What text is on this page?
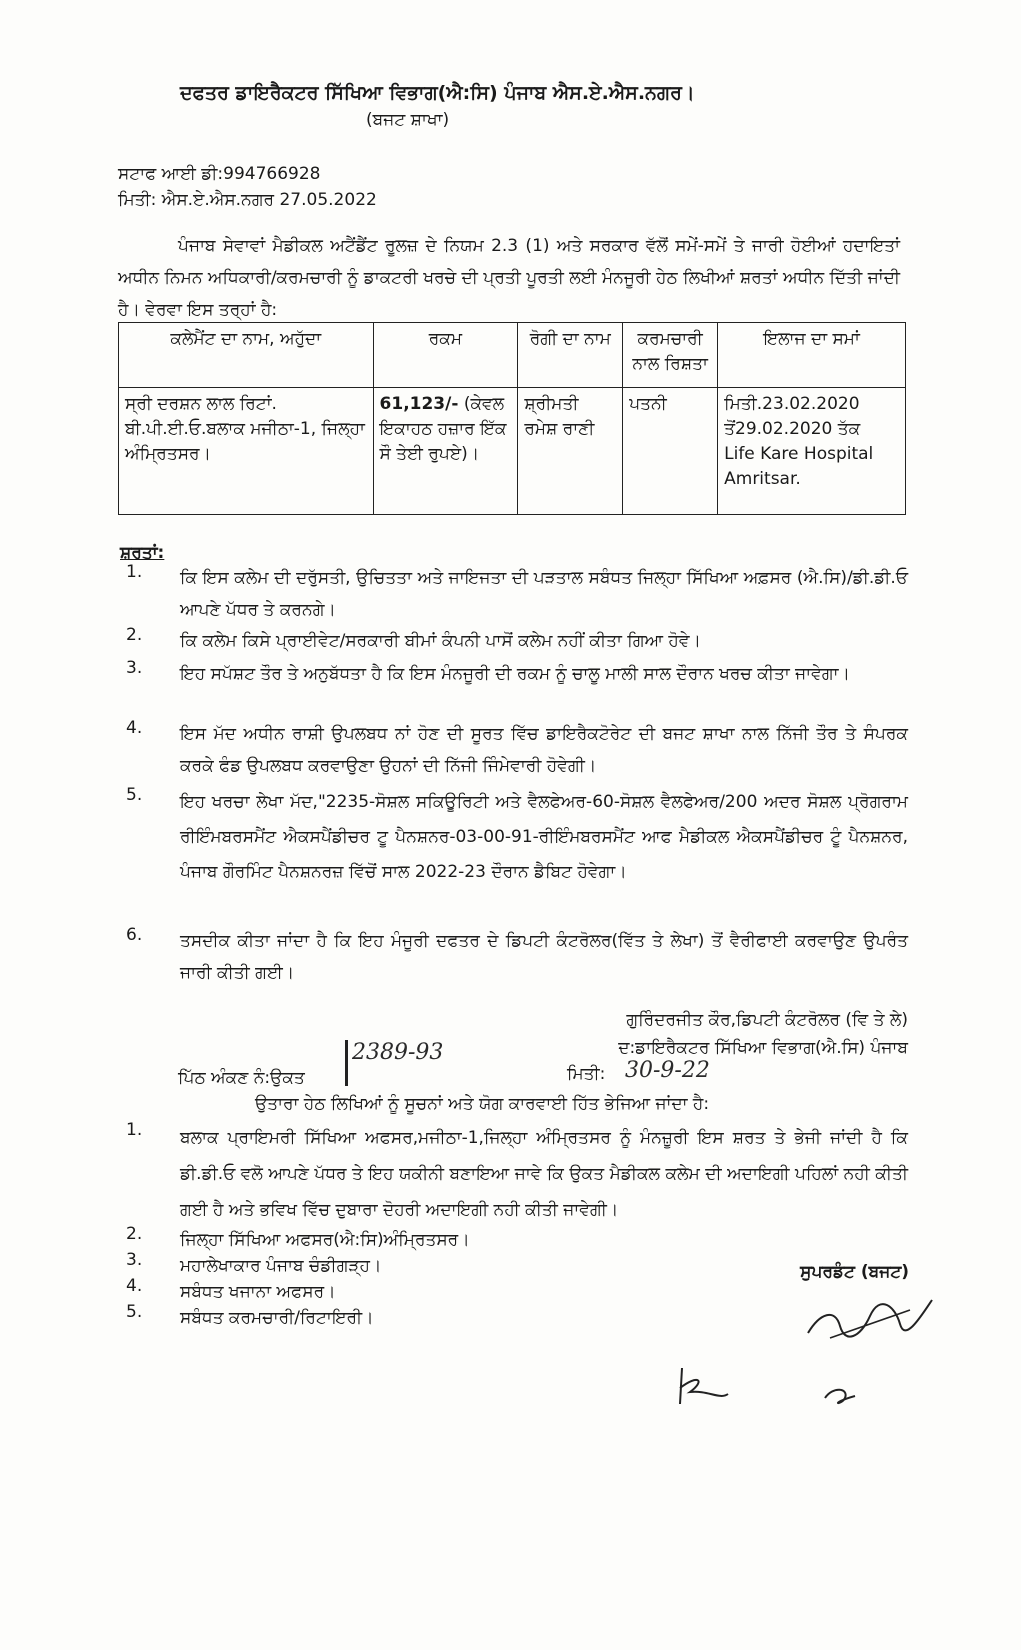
ਦਫਤਰ ਡਾਇਰੈਕਟਰ ਸਿੱਖਿਆ ਵਿਭਾਗ(ਐ:ਸਿ) ਪੰਜਾਬ ਐਸ.ਏ.ਐਸ.ਨਗਰ।
(ਬਜਟ ਸ਼ਾਖਾ)
ਸਟਾਫ ਆਈ ਡੀ:994766928
ਮਿਤੀ: ਐਸ.ਏ.ਐਸ.ਨਗਰ 27.05.2022
ਪੰਜਾਬ ਸੇਵਾਵਾਂ ਮੈਡੀਕਲ ਅਟੈਂਡੈਂਟ ਰੂਲਜ਼ ਦੇ ਨਿਯਮ 2.3 (1) ਅਤੇ ਸਰਕਾਰ ਵੱਲੋਂ ਸਮੇਂ-ਸਮੇਂ ਤੇ ਜਾਰੀ ਹੋਈਆਂ ਹਦਾਇਤਾਂ ਅਧੀਨ ਨਿਮਨ ਅਧਿਕਾਰੀ/ਕਰਮਚਾਰੀ ਨੂੰ ਡਾਕਟਰੀ ਖਰਚੇ ਦੀ ਪ੍ਰਤੀ ਪੂਰਤੀ ਲਈ ਮੰਨਜੂਰੀ ਹੇਠ ਲਿਖੀਆਂ ਸ਼ਰਤਾਂ ਅਧੀਨ ਦਿੱਤੀ ਜਾਂਦੀ ਹੈ। ਵੇਰਵਾ ਇਸ ਤਰ੍ਹਾਂ ਹੈ:
ਕਲੇਮੈਂਟ ਦਾ ਨਾਮ, ਅਹੁੱਦਾ	ਰਕਮ	ਰੋਗੀ ਦਾ ਨਾਮ	ਕਰਮਚਾਰੀ ਨਾਲ ਰਿਸ਼ਤਾ	ਇਲਾਜ ਦਾ ਸਮਾਂ
ਸ੍ਰੀ ਦਰਸ਼ਨ ਲਾਲ ਰਿਟਾਂ. ਬੀ.ਪੀ.ਈ.ਓ.ਬਲਾਕ ਮਜੀਠਾ-1, ਜਿਲ੍ਹਾ ਅੰਮ੍ਰਿਤਸਰ।	61,123/- (ਕੇਵਲ ਇਕਾਹਠ ਹਜ਼ਾਰ ਇੱਕ ਸੌ ਤੇਈ ਰੁਪਏ)।	ਸ਼੍ਰੀਮਤੀ ਰਮੇਸ਼ ਰਾਣੀ	ਪਤਨੀ	ਮਿਤੀ.23.02.2020 ਤੋਂ29.02.2020 ਤੱਕ
Life Kare Hospital Amritsar.
ਸ਼ਰਤਾਂ:
1. ਕਿ ਇਸ ਕਲੇਮ ਦੀ ਦਰੁੱਸਤੀ, ਉਚਿਤਤਾ ਅਤੇ ਜਾਇਜਤਾ ਦੀ ਪੜਤਾਲ ਸਬੰਧਤ ਜਿਲ੍ਹਾ ਸਿੱਖਿਆ ਅਫ਼ਸਰ (ਐ.ਸਿ)/ਡੀ.ਡੀ.ਓ ਆਪਣੇ ਪੱਧਰ ਤੇ ਕਰਨਗੇ।
2. ਕਿ ਕਲੇਮ ਕਿਸੇ ਪ੍ਰਾਈਵੇਟ/ਸਰਕਾਰੀ ਬੀਮਾਂ ਕੰਪਨੀ ਪਾਸੋਂ ਕਲੇਮ ਨਹੀਂ ਕੀਤਾ ਗਿਆ ਹੋਵੇ।
3. ਇਹ ਸਪੱਸ਼ਟ ਤੌਰ ਤੇ ਅਨੁਬੱਧਤਾ ਹੈ ਕਿ ਇਸ ਮੰਨਜੂਰੀ ਦੀ ਰਕਮ ਨੂੰ ਚਾਲੂ ਮਾਲੀ ਸਾਲ ਦੌਰਾਨ ਖਰਚ ਕੀਤਾ ਜਾਵੇਗਾ।
4. ਇਸ ਮੱਦ ਅਧੀਨ ਰਾਸ਼ੀ ਉਪਲਬਧ ਨਾਂ ਹੋਣ ਦੀ ਸੂਰਤ ਵਿੱਚ ਡਾਇਰੈਕਟੋਰੇਟ ਦੀ ਬਜਟ ਸ਼ਾਖਾ ਨਾਲ ਨਿੱਜੀ ਤੌਰ ਤੇ ਸੰਪਰਕ ਕਰਕੇ ਫੰਡ ਉਪਲਬਧ ਕਰਵਾਉਣਾ ਉਹਨਾਂ ਦੀ ਨਿੱਜੀ ਜਿੰਮੇਵਾਰੀ ਹੋਵੇਗੀ।
5. ਇਹ ਖਰਚਾ ਲੇਖਾ ਮੱਦ,"2235-ਸੋਸ਼ਲ ਸਕਿਊਰਿਟੀ ਅਤੇ ਵੈਲਫੇਅਰ-60-ਸੋਸ਼ਲ ਵੈਲਫੇਅਰ/200 ਅਦਰ ਸੋਸ਼ਲ ਪ੍ਰੋਗਰਾਮ ਰੀਇੰਮਬਰਸਮੈਂਟ ਐਕਸਪੈਂਡੀਚਰ ਟੂ ਪੈਨਸ਼ਨਰ-03-00-91-ਰੀਇੰਮਬਰਸਮੈਂਟ ਆਫ ਮੈਡੀਕਲ ਐਕਸਪੈਂਡੀਚਰ ਟੂੰ ਪੈਨਸ਼ਨਰ, ਪੰਜਾਬ ਗੌਰਮਿੰਟ ਪੈਨਸ਼ਨਰਜ਼ ਵਿੱਚੋਂ ਸਾਲ 2022-23 ਦੌਰਾਨ ਡੈਬਿਟ ਹੋਵੇਗਾ।
6. ਤਸਦੀਕ ਕੀਤਾ ਜਾਂਦਾ ਹੈ ਕਿ ਇਹ ਮੰਜੂਰੀ ਦਫਤਰ ਦੇ ਡਿਪਟੀ ਕੰਟਰੋਲਰ(ਵਿੱਤ ਤੇ ਲੇਖਾ) ਤੋਂ ਵੈਰੀਫਾਈ ਕਰਵਾਉਣ ਉਪਰੰਤ ਜਾਰੀ ਕੀਤੀ ਗਈ।
ਗੁਰਿੰਦਰਜੀਤ ਕੌਰ,ਡਿਪਟੀ ਕੰਟਰੋਲਰ (ਵਿ ਤੇ ਲੇ)
ਦ:ਡਾਇਰੈਕਟਰ ਸਿੱਖਿਆ ਵਿਭਾਗ(ਐ.ਸਿ) ਪੰਜਾਬ
ਪਿੱਠ ਅੰਕਣ ਨੰ:ਉਕਤ
2389-93
ਮਿਤੀ: 30-9-22
ਉਤਾਰਾ ਹੇਠ ਲਿਖਿਆਂ ਨੂੰ ਸੂਚਨਾਂ ਅਤੇ ਯੋਗ ਕਾਰਵਾਈ ਹਿੱਤ ਭੇਜਿਆ ਜਾਂਦਾ ਹੈ:
1. ਬਲਾਕ ਪ੍ਰਾਇਮਰੀ ਸਿੱਖਿਆ ਅਫਸਰ,ਮਜੀਠਾ-1,ਜਿਲ੍ਹਾ ਅੰਮ੍ਰਿਤਸਰ ਨੂੰ ਮੰਨਜ਼ੂਰੀ ਇਸ ਸ਼ਰਤ ਤੇ ਭੇਜੀ ਜਾਂਦੀ ਹੈ ਕਿ ਡੀ.ਡੀ.ਓ ਵਲੋ ਆਪਣੇ ਪੱਧਰ ਤੇ ਇਹ ਯਕੀਨੀ ਬਣਾਇਆ ਜਾਵੇ ਕਿ ਉਕਤ ਮੈਡੀਕਲ ਕਲੇਮ ਦੀ ਅਦਾਇਗੀ ਪਹਿਲਾਂ ਨਹੀ ਕੀਤੀ ਗਈ ਹੈ ਅਤੇ ਭਵਿਖ ਵਿੱਚ ਦੁਬਾਰਾ ਦੋਹਰੀ ਅਦਾਇਗੀ ਨਹੀ ਕੀਤੀ ਜਾਵੇਗੀ।
2. ਜਿਲ੍ਹਾ ਸਿੱਖਿਆ ਅਫਸਰ(ਐ:ਸਿ)ਅੰਮ੍ਰਿਤਸਰ।
3. ਮਹਾਲੇਖਾਕਾਰ ਪੰਜਾਬ ਚੰਡੀਗੜ੍ਹ।
4. ਸਬੰਧਤ ਖਜਾਨਾ ਅਫਸਰ।
5. ਸਬੰਧਤ ਕਰਮਚਾਰੀ/ਰਿਟਾਇਰੀ।
ਸੁਪਰਡੰਟ (ਬਜਟ)
